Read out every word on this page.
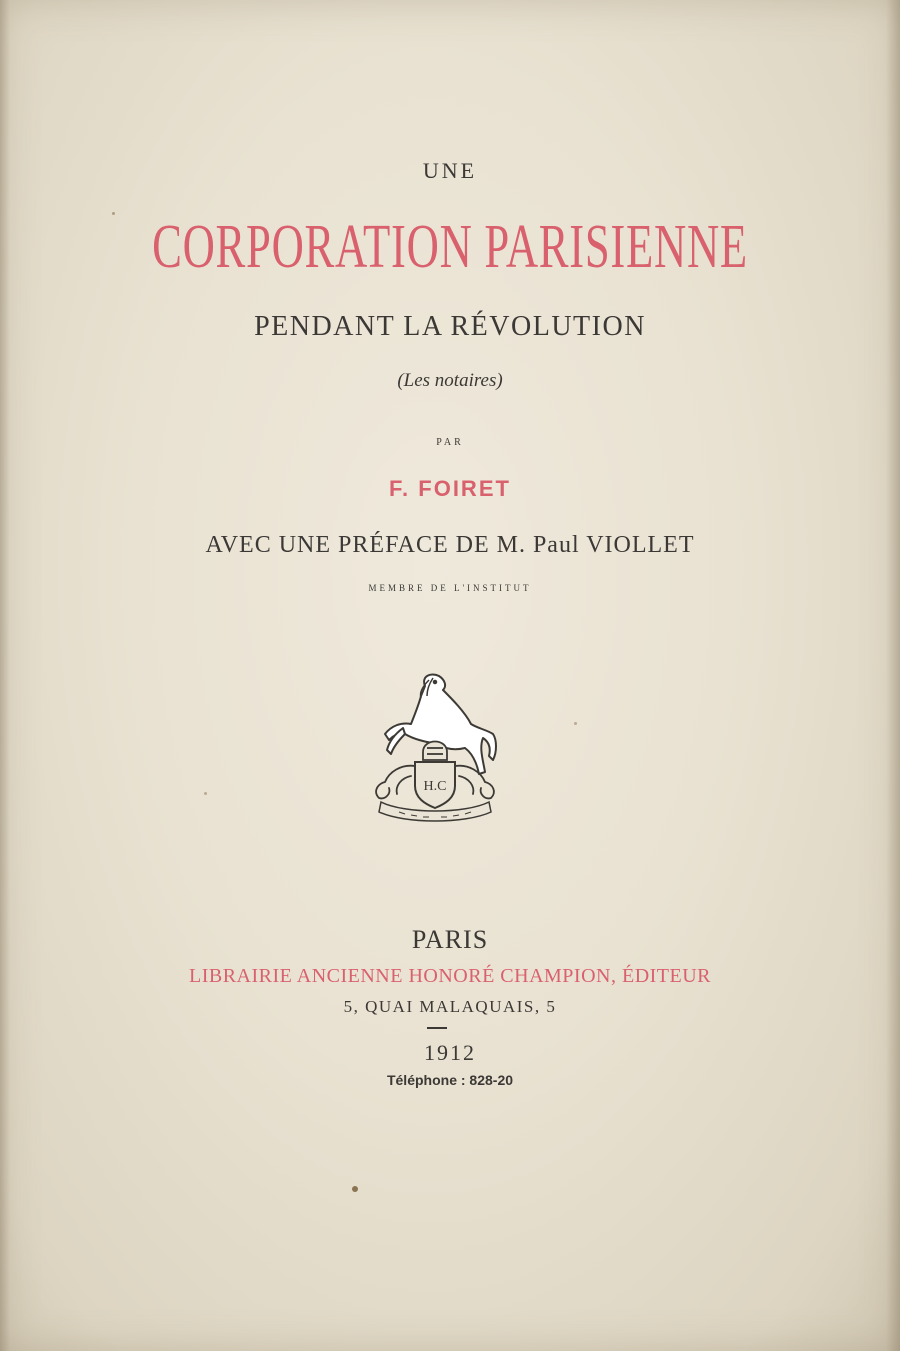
UNE
CORPORATION PARISIENNE
PENDANT LA RÉVOLUTION
(Les notaires)
PAR
F. FOIRET
AVEC UNE PRÉFACE DE M. Paul VIOLLET
MEMBRE DE L'INSTITUT
H.C
PARIS
LIBRAIRIE ANCIENNE HONORÉ CHAMPION, ÉDITEUR
5, QUAI MALAQUAIS, 5
1912
Téléphone : 828-20
